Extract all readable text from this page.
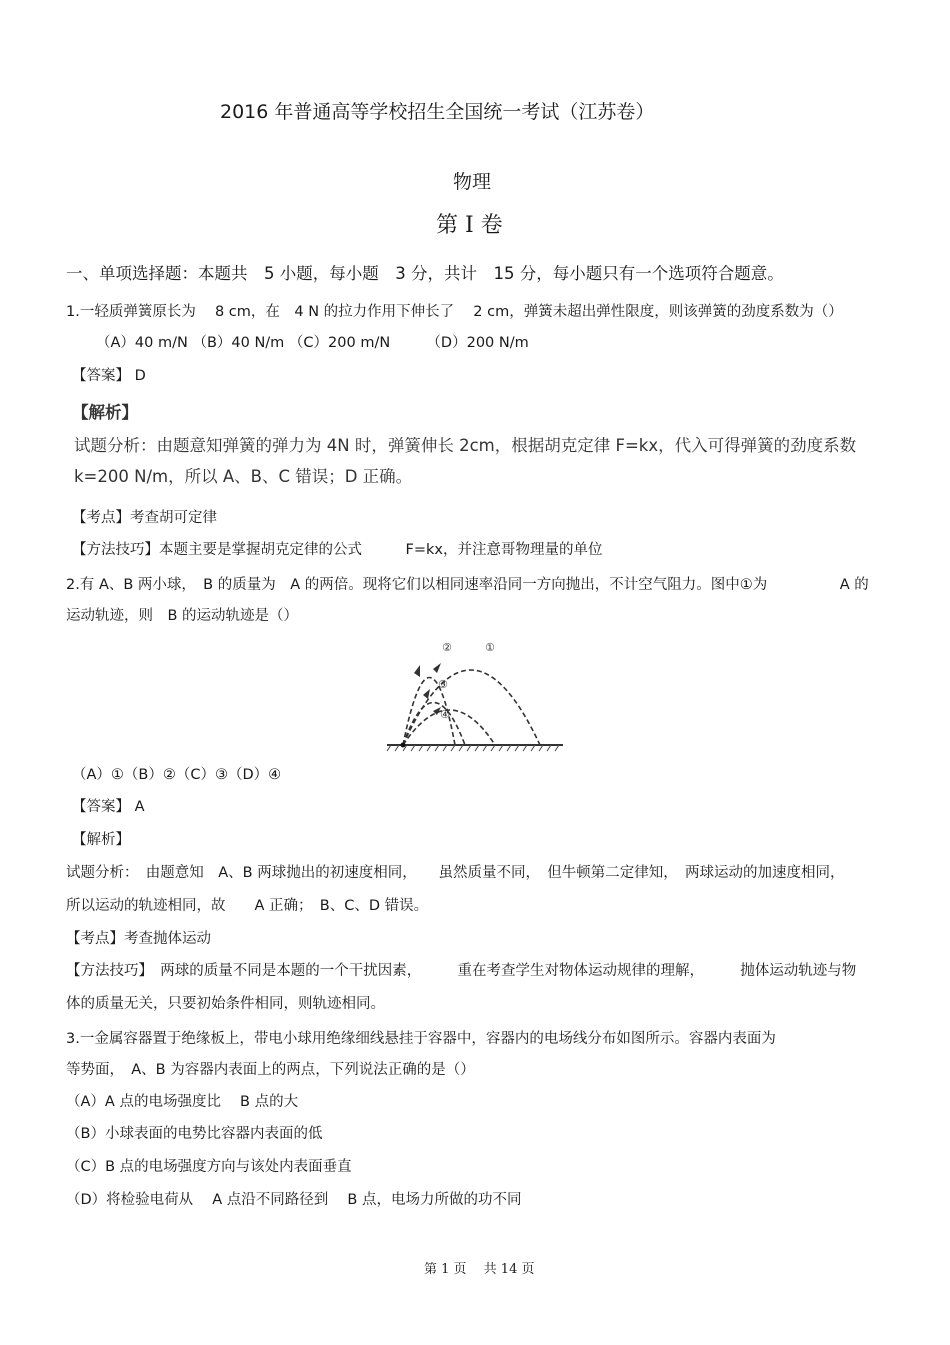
2016 年普通高等学校招生全国统一考试（江苏卷）
物理
第 I 卷
一、单项选择题：本题共　5 小题，每小题　3 分，共计　15 分，每小题只有一个选项符合题意。
1.一轻质弹簧原长为　 8 cm，在　4 N 的拉力作用下伸长了　 2 cm，弹簧未超出弹性限度，则该弹簧的劲度系数为（）
（A）40 m/N （B）40 N/m （C）200 m/N　　　（D）200 N/m
【答案】 D
【解析】
试题分析：由题意知弹簧的弹力为 4N 时，弹簧伸长 2cm，根据胡克定律 F=kx，代入可得弹簧的劲度系数
k=200 N/m，所以 A、B、C 错误；D 正确。
【考点】考查胡可定律
【方法技巧】本题主要是掌握胡克定律的公式　　　F=kx，并注意哥物理量的单位
2.有 A、B 两小球，　B 的质量为　A 的两倍。现将它们以相同速率沿同一方向抛出，不计空气阻力。图中①为　　　　　A 的
运动轨迹，则　B 的运动轨迹是（）
②	①
③
④
（A）①（B）②（C）③（D）④
【答案】 A
【解析】
试题分析：　由题意知　A、B 两球抛出的初速度相同，　　虽然质量不同，　但牛顿第二定律知，　两球运动的加速度相同，
所以运动的轨迹相同，故　　A 正确；　B、C、D 错误。
【考点】考查抛体运动
【方法技巧】　两球的质量不同是本题的一个干扰因素，　　　重在考查学生对物体运动规律的理解，　　　抛体运动轨迹与物
体的质量无关，只要初始条件相同，则轨迹相同。
3.一金属容器置于绝缘板上，带电小球用绝缘细线悬挂于容器中，容器内的电场线分布如图所示。容器内表面为
等势面，　A、B 为容器内表面上的两点，下列说法正确的是（）
（A）A 点的电场强度比　 B 点的大
（B）小球表面的电势比容器内表面的低
（C）B 点的电场强度方向与该处内表面垂直
（D）将检验电荷从　 A 点沿不同路径到　 B 点，电场力所做的功不同
第 1 页　 共 14 页
